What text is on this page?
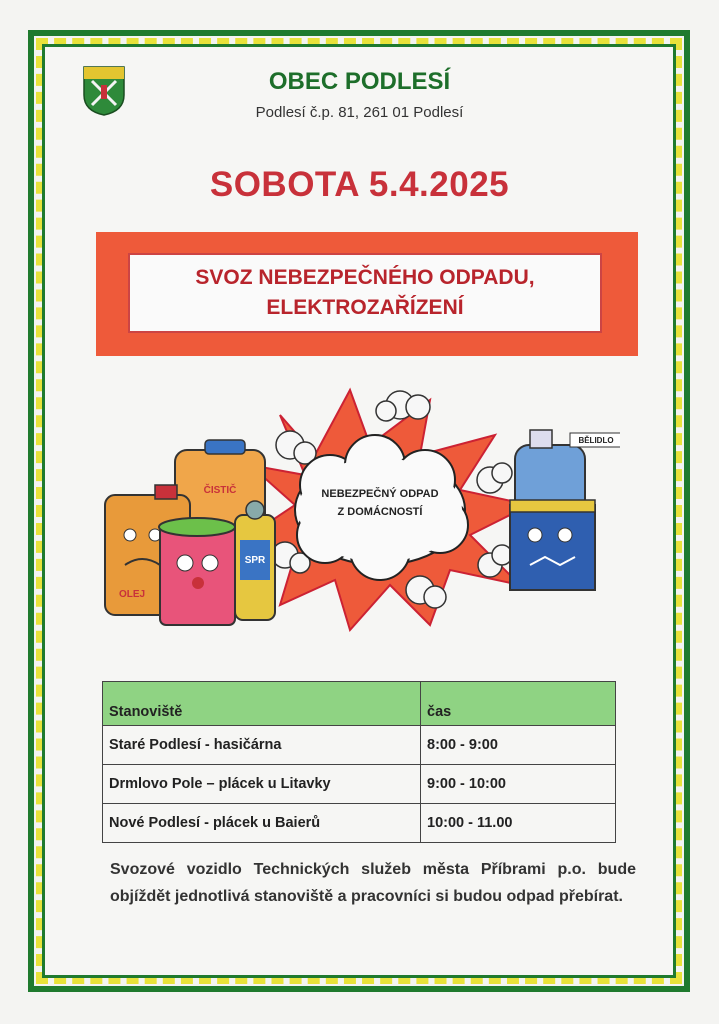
OBEC PODLESÍ
Podlesí č.p. 81, 261 01 Podlesí
SOBOTA 5.4.2025
SVOZ NEBEZPEČNÉHO ODPADU,
ELEKTROZAŘÍZENÍ
NEBEZPEČNÝ ODPAD
Z DOMÁCNOSTÍ
ČISTIČ
OLEJ
SPR
BĚLIDLO
Stanoviště	čas
Staré Podlesí - hasičárna	8:00 - 9:00
Drmlovo Pole – plácek u Litavky	9:00 - 10:00
Nové Podlesí - plácek u Baierů	10:00 - 11.00
Svozové vozidlo Technických služeb města Příbrami p.o. bude objíždět jednotlivá stanoviště a pracovníci si budou odpad přebírat.
